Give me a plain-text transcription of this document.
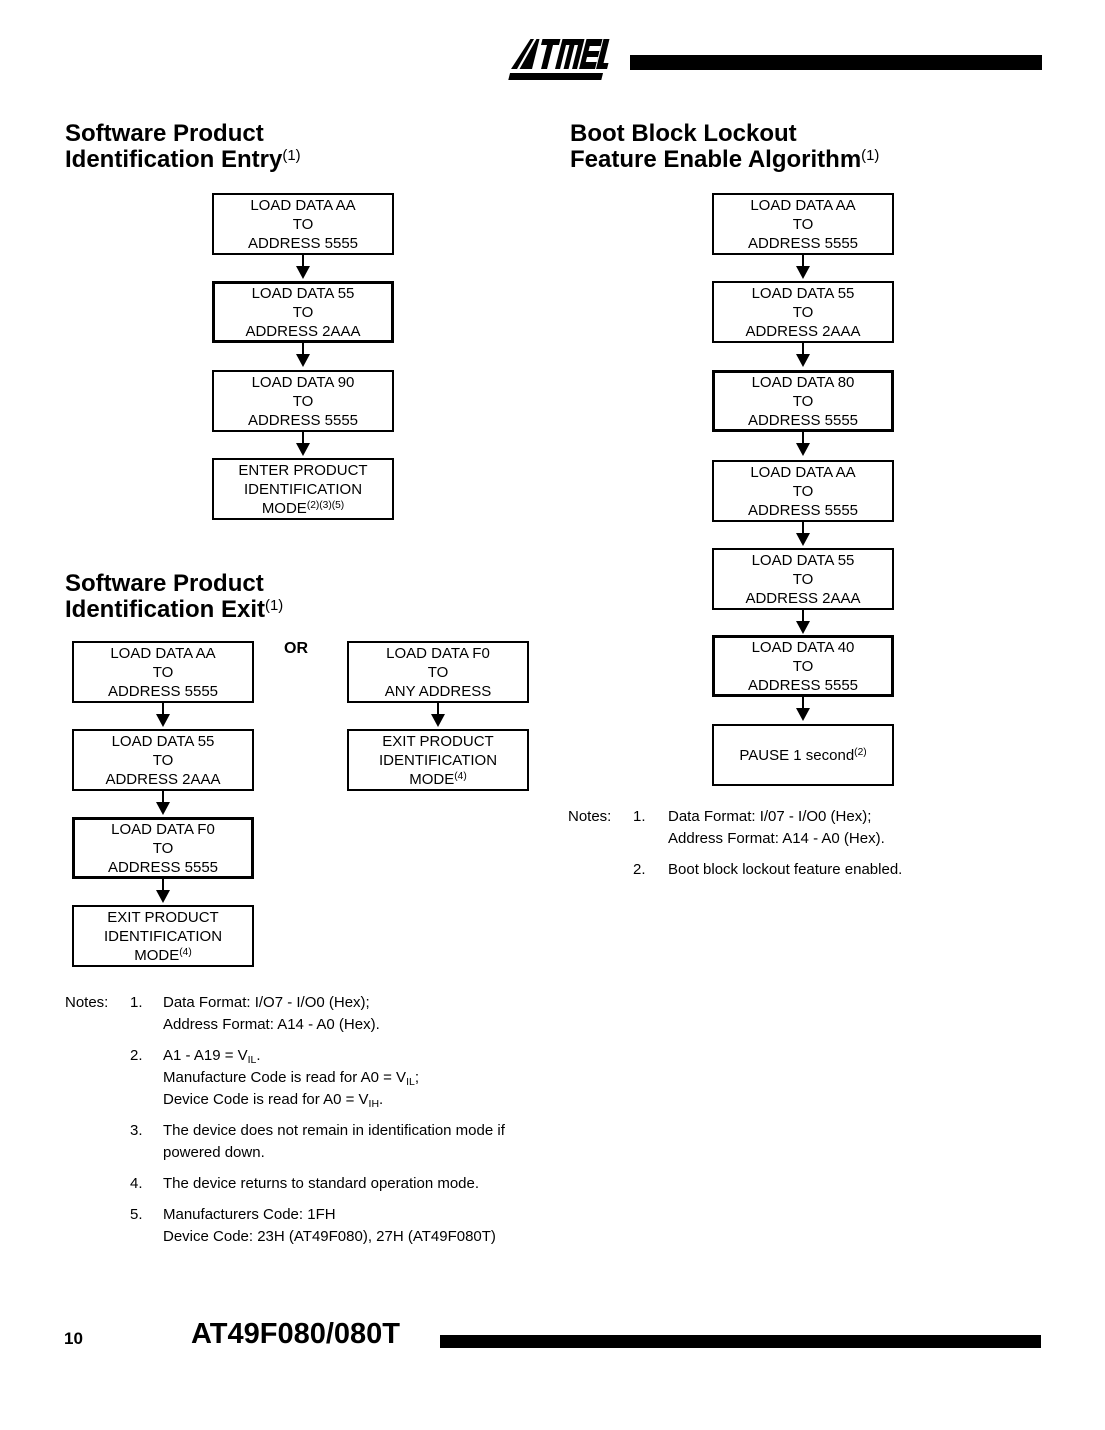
Software Product
Identification Entry$^{(1)}$
Boot Block Lockout
Feature Enable Algorithm$^{(1)}$
Software Product
Identification Exit$^{(1)}$
LOAD DATA AA
TO
ADDRESS 5555
LOAD DATA 55
TO
ADDRESS 2AAA
LOAD DATA 90
TO
ADDRESS 5555
ENTER PRODUCT
IDENTIFICATION
$MODE^{(2)(3)(5)}$
LOAD DATA AA
TO
ADDRESS 5555
LOAD DATA 55
TO
ADDRESS 2AAA
LOAD DATA 80
TO
ADDRESS 5555
LOAD DATA AA
TO
ADDRESS 5555
LOAD DATA 55
TO
ADDRESS 2AAA
LOAD DATA 40
TO
ADDRESS 5555
PAUSE 1 second$^{(2)}$
LOAD DATA AA
TO
ADDRESS 5555
OR	LOAD DATA F0
TO
ANY ADDRESS
LOAD DATA 55
TO
ADDRESS 2AAA
EXIT PRODUCT
IDENTIFICATION
MODE$^{(4)}$
LOAD DATA F0
TO
ADDRESS 5555
EXIT PRODUCT
IDENTIFICATION
MODE$^{(4)}$
Notes:	1.	Data Format: I/07 - I/O0 (Hex);
Address Format: A14 - A0 (Hex).
2.	Boot block lockout feature enabled.
Notes:	1.	Data Format: I/O7 - I/O0 (Hex);
Address Format: A14 - A0 (Hex).
2.	$A1 - A19 = V_{IL}$.
Manufacture Code is read for $A0 = V_{IL}$;
Device Code is read for $A0 = V_{IH}$.
3.	The device does not remain in identification mode if
powered down.
4.	The device returns to standard operation mode.
5.	Manufacturers Code: 1FH
Device Code: 23H (AT49F080), 27H (AT49F080T)
10	AT49F080/080T
